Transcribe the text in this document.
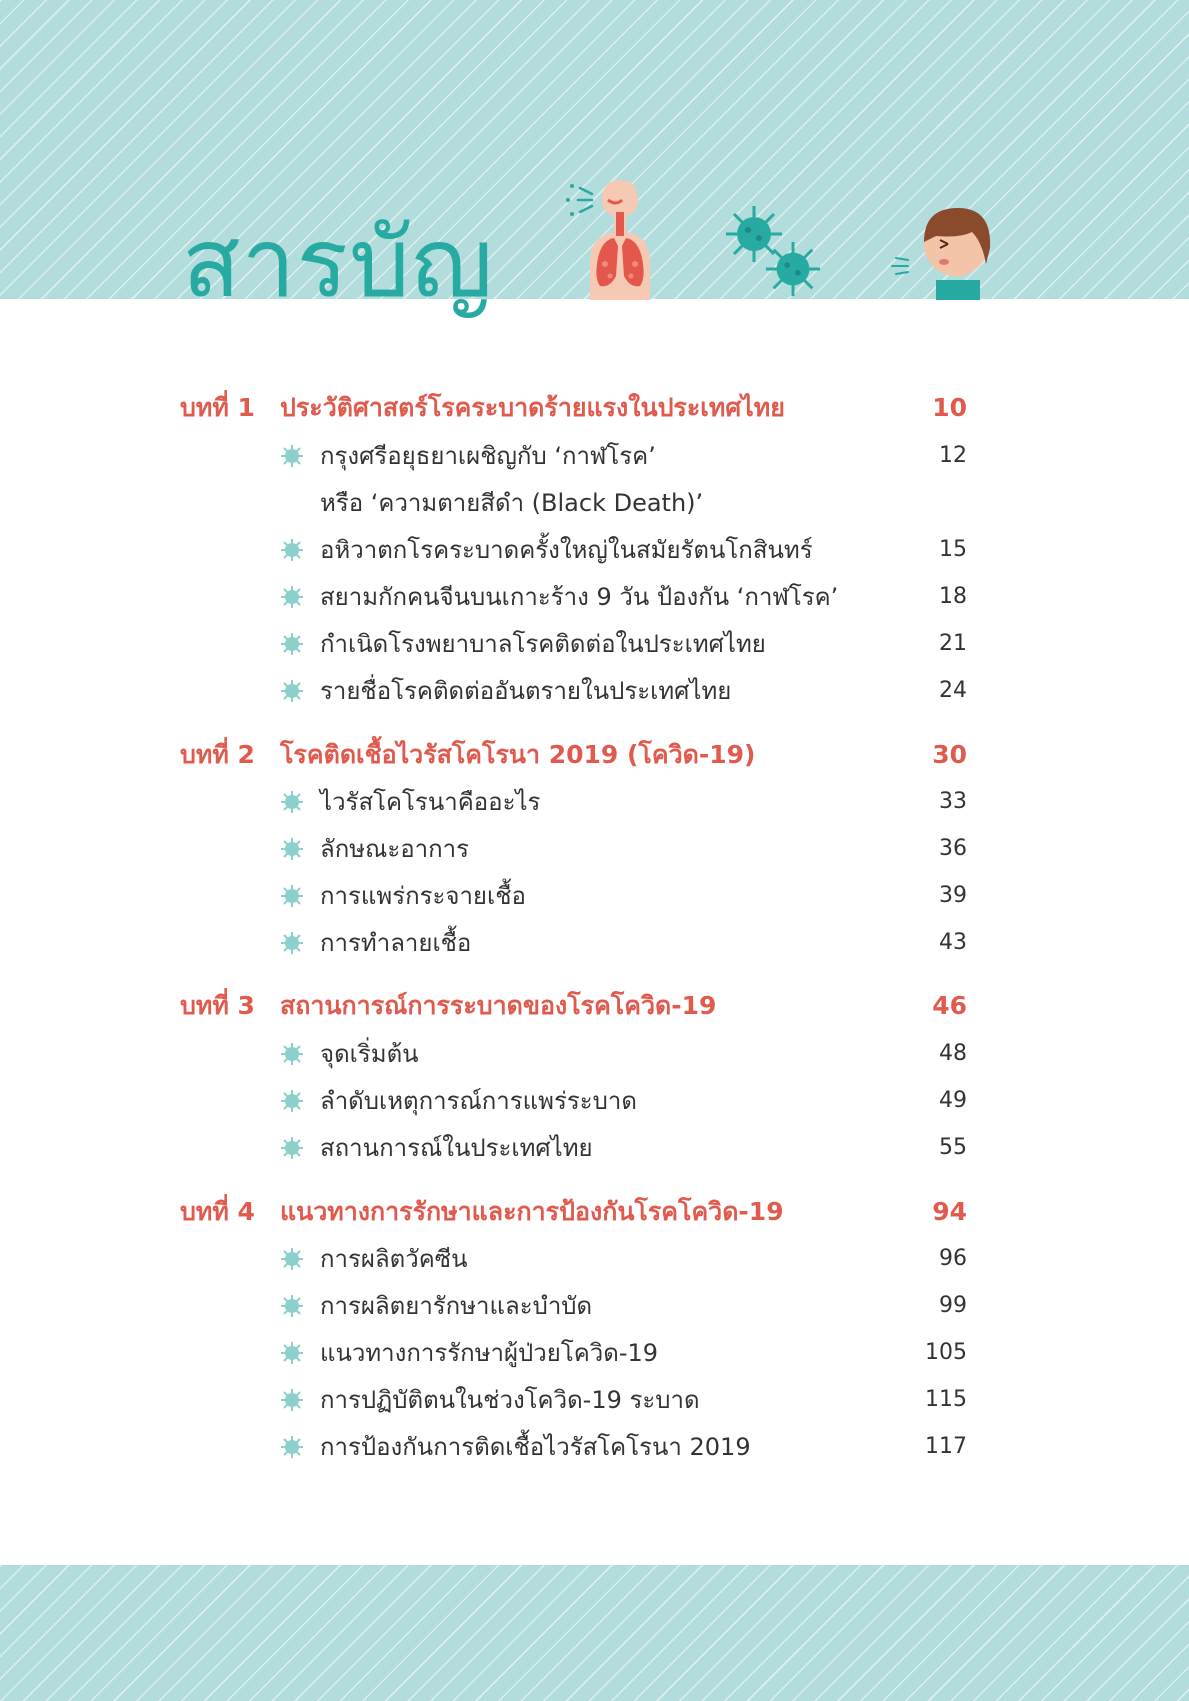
สารบัญ
บทที่ 1 ประวัติศาสตร์โรคระบาดร้ายแรงในประเทศไทย	10
กรุงศรีอยุธยาเผชิญกับ ‘กาฬโรค’	12
หรือ ‘ความตายสีดำ (Black Death)’
อหิวาตกโรคระบาดครั้งใหญ่ในสมัยรัตนโกสินทร์	15
สยามกักคนจีนบนเกาะร้าง 9 วัน ป้องกัน ‘กาฬโรค’	18
กำเนิดโรงพยาบาลโรคติดต่อในประเทศไทย	21
รายชื่อโรคติดต่ออันตรายในประเทศไทย	24
บทที่ 2 โรคติดเชื้อไวรัสโคโรนา 2019 (โควิด-19)	30
ไวรัสโคโรนาคืออะไร	33
ลักษณะอาการ	36
การแพร่กระจายเชื้อ	39
การทำลายเชื้อ	43
บทที่ 3 สถานการณ์การระบาดของโรคโควิด-19	46
จุดเริ่มต้น	48
ลำดับเหตุการณ์การแพร่ระบาด	49
สถานการณ์ในประเทศไทย	55
บทที่ 4 แนวทางการรักษาและการป้องกันโรคโควิด-19	94
การผลิตวัคซีน	96
การผลิตยารักษาและบำบัด	99
แนวทางการรักษาผู้ป่วยโควิด-19	105
การปฏิบัติตนในช่วงโควิด-19 ระบาด	115
การป้องกันการติดเชื้อไวรัสโคโรนา 2019	117
